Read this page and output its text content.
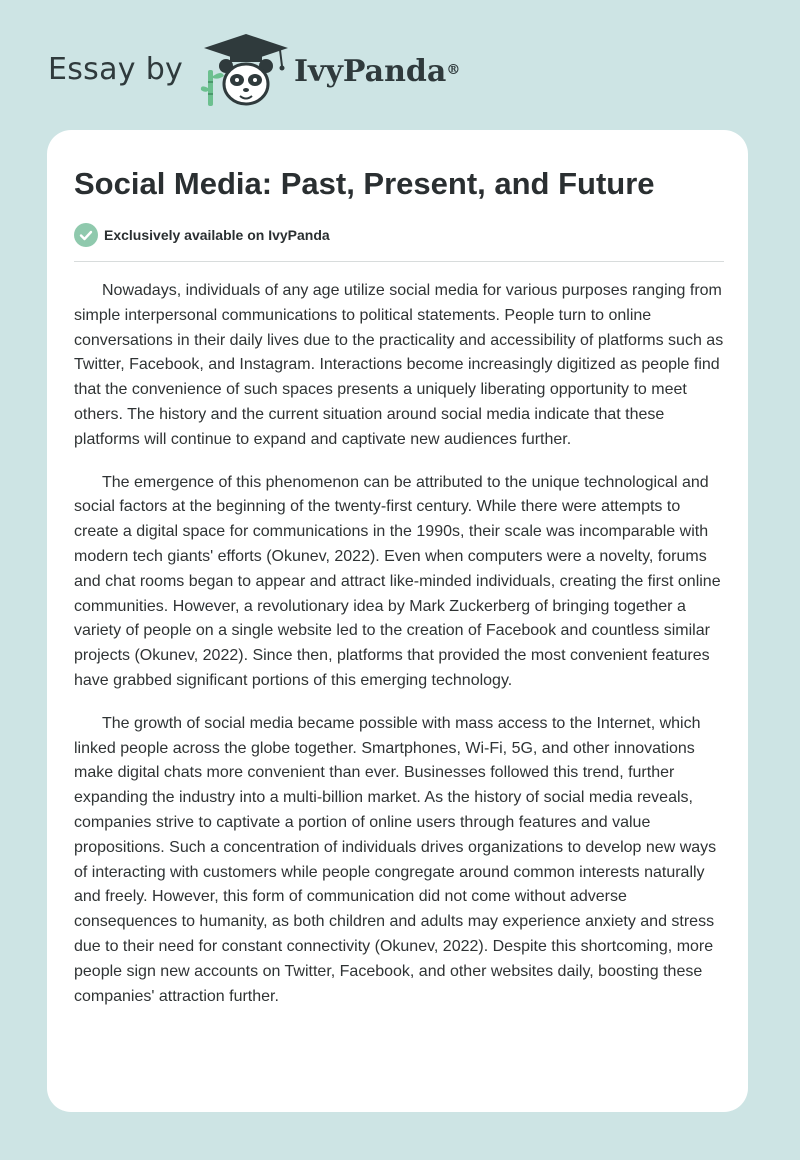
Essay by	IvyPanda®
Social Media: Past, Present, and Future
Exclusively available on IvyPanda

Nowadays, individuals of any age utilize social media for various purposes ranging from simple interpersonal communications to political statements. People turn to online conversations in their daily lives due to the practicality and accessibility of platforms such as Twitter, Facebook, and Instagram. Interactions become increasingly digitized as people find that the convenience of such spaces presents a uniquely liberating opportunity to meet others. The history and the current situation around social media indicate that these platforms will continue to expand and captivate new audiences further.

The emergence of this phenomenon can be attributed to the unique technological and social factors at the beginning of the twenty-first century. While there were attempts to create a digital space for communications in the 1990s, their scale was incomparable with modern tech giants' efforts (Okunev, 2022). Even when computers were a novelty, forums and chat rooms began to appear and attract like-minded individuals, creating the first online communities. However, a revolutionary idea by Mark Zuckerberg of bringing together a variety of people on a single website led to the creation of Facebook and countless similar projects (Okunev, 2022). Since then, platforms that provided the most convenient features have grabbed significant portions of this emerging technology.

The growth of social media became possible with mass access to the Internet, which linked people across the globe together. Smartphones, Wi-Fi, 5G, and other innovations make digital chats more convenient than ever. Businesses followed this trend, further expanding the industry into a multi-billion market. As the history of social media reveals, companies strive to captivate a portion of online users through features and value propositions. Such a concentration of individuals drives organizations to develop new ways of interacting with customers while people congregate around common interests naturally and freely. However, this form of communication did not come without adverse consequences to humanity, as both children and adults may experience anxiety and stress due to their need for constant connectivity (Okunev, 2022). Despite this shortcoming, more people sign new accounts on Twitter, Facebook, and other websites daily, boosting these companies' attraction further.
